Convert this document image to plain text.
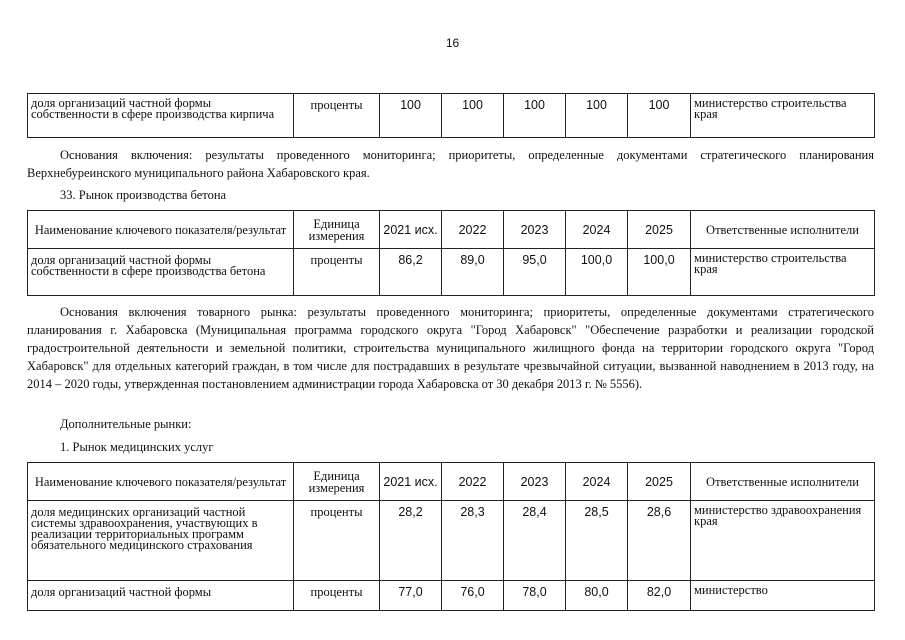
16
доля организаций частной формы собственности в сфере производства кирпича	проценты	100	100	100	100	100	министерство строительства края

Основания включения: результаты проведенного мониторинга; приоритеты, определенные документами стратегического планирования Верхнебуреинского муниципального района Хабаровского края.

33. Рынок производства бетона

Наименование ключевого показателя/результат	Единица измерения	2021 исх.	2022	2023	2024	2025	Ответственные исполнители
доля организаций частной формы собственности в сфере производства бетона	проценты	86,2	89,0	95,0	100,0	100,0	министерство строительства края

Основания включения товарного рынка: результаты проведенного мониторинга; приоритеты, определенные документами стратегического планирования г. Хабаровска (Муниципальная программа городского округа "Город Хабаровск" "Обеспечение разработки и реализации городской градостроительной деятельности и земельной политики, строительства муниципального жилищного фонда на территории городского округа "Город Хабаровск" для отдельных категорий граждан, в том числе для пострадавших в результате чрезвычайной ситуации, вызванной наводнением в 2013 году, на 2014 – 2020 годы, утвержденная постановлением администрации города Хабаровска от 30 декабря 2013 г. № 5556).

Дополнительные рынки:

1. Рынок медицинских услуг

Наименование ключевого показателя/результат	Единица измерения	2021 исх.	2022	2023	2024	2025	Ответственные исполнители
доля медицинских организаций частной системы здравоохранения, участвующих в реализации территориальных программ обязательного медицинского страхования	проценты	28,2	28,3	28,4	28,5	28,6	министерство здравоохранения края
доля организаций частной формы	проценты	77,0	76,0	78,0	80,0	82,0	министерство
